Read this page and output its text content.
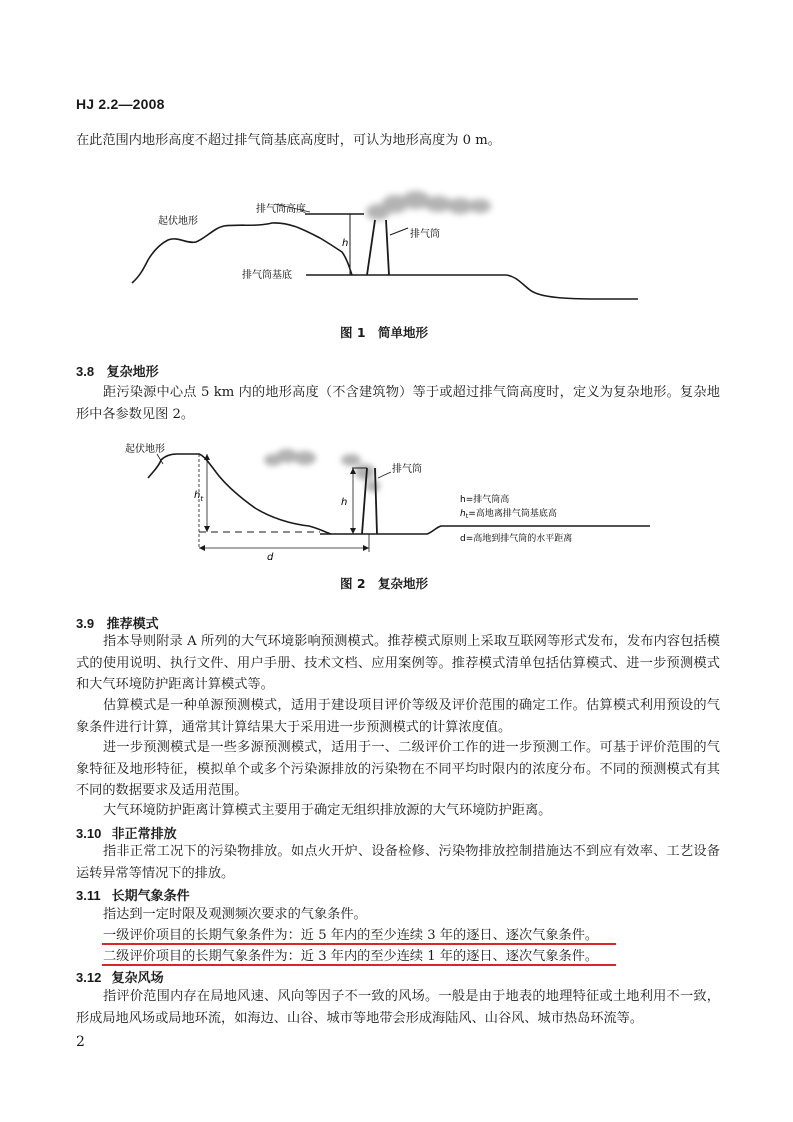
HJ 2.2—2008
在此范围内地形高度不超过排气筒基底高度时，可认为地形高度为 0 m。
起伏地形
排气筒高度
排气筒
排气筒基底
h
图 1　简单地形
3.8 复杂地形
距污染源中心点 5 km 内的地形高度（不含建筑物）等于或超过排气筒高度时，定义为复杂地形。复杂地形中各参数见图 2。
起伏地形
排气筒
$h_t$	h
d
h=排气筒高
$h_t=$高地离排气筒基底高
d=高地到排气筒的水平距离
图 2　复杂地形
3.9 推荐模式
指本导则附录 A 所列的大气环境影响预测模式。推荐模式原则上采取互联网等形式发布，发布内容包括模式的使用说明、执行文件、用户手册、技术文档、应用案例等。推荐模式清单包括估算模式、进一步预测模式和大气环境防护距离计算模式等。
估算模式是一种单源预测模式，适用于建设项目评价等级及评价范围的确定工作。估算模式利用预设的气象条件进行计算，通常其计算结果大于采用进一步预测模式的计算浓度值。
进一步预测模式是一些多源预测模式，适用于一、二级评价工作的进一步预测工作。可基于评价范围的气象特征及地形特征，模拟单个或多个污染源排放的污染物在不同平均时限内的浓度分布。不同的预测模式有其不同的数据要求及适用范围。
大气环境防护距离计算模式主要用于确定无组织排放源的大气环境防护距离。
3.10 非正常排放
指非正常工况下的污染物排放。如点火开炉、设备检修、污染物排放控制措施达不到应有效率、工艺设备运转异常等情况下的排放。
3.11 长期气象条件
指达到一定时限及观测频次要求的气象条件。
一级评价项目的长期气象条件为：近 5 年内的至少连续 3 年的逐日、逐次气象条件。
二级评价项目的长期气象条件为：近 3 年内的至少连续 1 年的逐日、逐次气象条件。
3.12 复杂风场
指评价范围内存在局地风速、风向等因子不一致的风场。一般是由于地表的地理特征或土地利用不一致，形成局地风场或局地环流，如海边、山谷、城市等地带会形成海陆风、山谷风、城市热岛环流等。
2
